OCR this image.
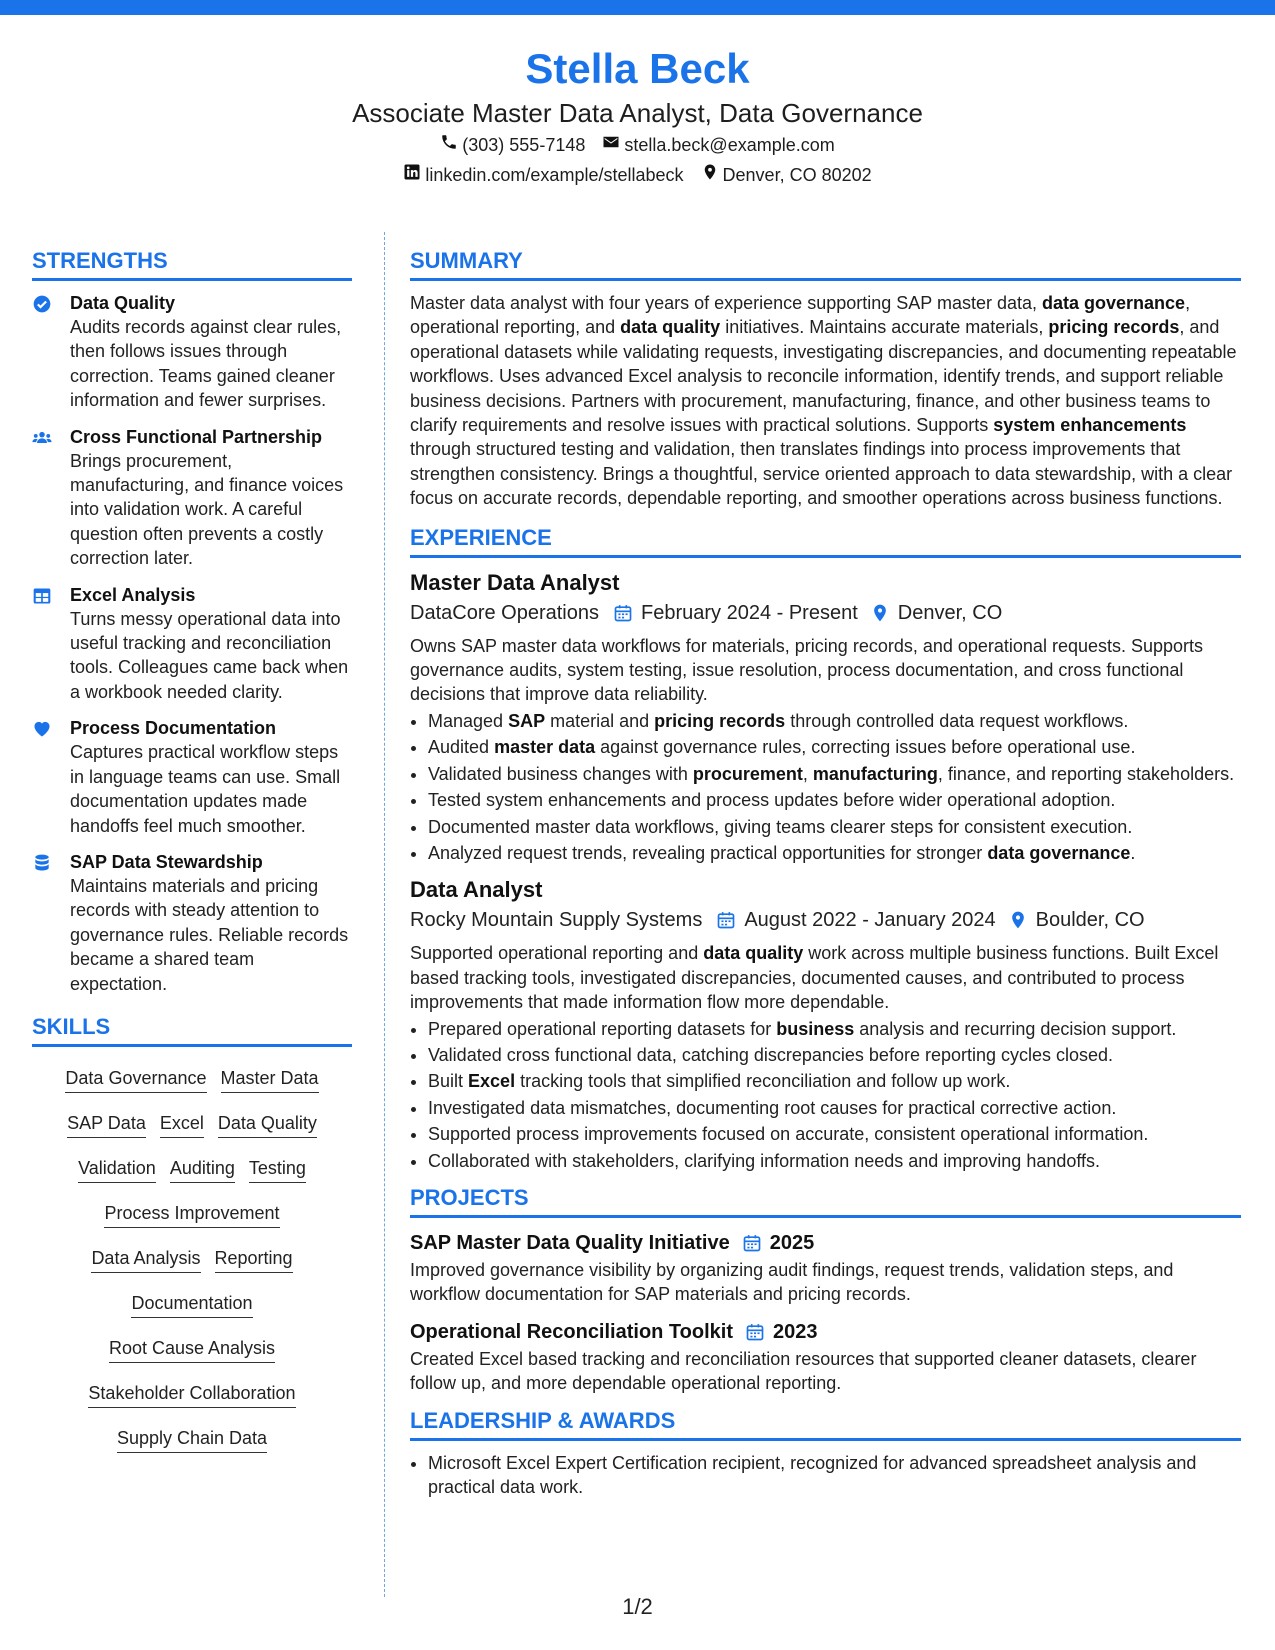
Stella Beck
Associate Master Data Analyst, Data Governance
(303) 555-7148
stella.beck@example.com
linkedin.com/example/stellabeck
Denver, CO 80202
STRENGTHS
Data Quality
Audits records against clear rules, then follows issues through correction. Teams gained cleaner information and fewer surprises.
Cross Functional Partnership
Brings procurement, manufacturing, and finance voices into validation work. A careful question often prevents a costly correction later.
Excel Analysis
Turns messy operational data into useful tracking and reconciliation tools. Colleagues came back when a workbook needed clarity.
Process Documentation
Captures practical workflow steps in language teams can use. Small documentation updates made handoffs feel much smoother.
SAP Data Stewardship
Maintains materials and pricing records with steady attention to governance rules. Reliable records became a shared team expectation.
SKILLS
Data Governance Master Data
SAP Data Excel Data Quality
Validation Auditing Testing
Process Improvement
Data Analysis Reporting
Documentation
Root Cause Analysis
Stakeholder Collaboration
Supply Chain Data
SUMMARY

Master data analyst with four years of experience supporting SAP master data, data governance, operational reporting, and data quality initiatives. Maintains accurate materials, pricing records, and operational datasets while validating requests, investigating discrepancies, and documenting repeatable workflows. Uses advanced Excel analysis to reconcile information, identify trends, and support reliable business decisions. Partners with procurement, manufacturing, finance, and other business teams to clarify requirements and resolve issues with practical solutions. Supports system enhancements through structured testing and validation, then translates findings into process improvements that strengthen consistency. Brings a thoughtful, service oriented approach to data stewardship, with a clear focus on accurate records, dependable reporting, and smoother operations across business functions.

EXPERIENCE
Master Data Analyst
DataCore Operations February 2024 - Present Denver, CO

Owns SAP master data workflows for materials, pricing records, and operational requests. Supports governance audits, system testing, issue resolution, process documentation, and cross functional decisions that improve data reliability.

• Managed SAP material and pricing records through controlled data request workflows.
• Audited master data against governance rules, correcting issues before operational use.
• Validated business changes with procurement, manufacturing, finance, and reporting stakeholders.
• Tested system enhancements and process updates before wider operational adoption.
• Documented master data workflows, giving teams clearer steps for consistent execution.
• Analyzed request trends, revealing practical opportunities for stronger data governance.
Data Analyst
Rocky Mountain Supply Systems August 2022 - January 2024 Boulder, CO

Supported operational reporting and data quality work across multiple business functions. Built Excel based tracking tools, investigated discrepancies, documented causes, and contributed to process improvements that made information flow more dependable.

• Prepared operational reporting datasets for business analysis and recurring decision support.
• Validated cross functional data, catching discrepancies before reporting cycles closed.
• Built Excel tracking tools that simplified reconciliation and follow up work.
• Investigated data mismatches, documenting root causes for practical corrective action.
• Supported process improvements focused on accurate, consistent operational information.
• Collaborated with stakeholders, clarifying information needs and improving handoffs.
PROJECTS
SAP Master Data Quality Initiative 2025

Improved governance visibility by organizing audit findings, request trends, validation steps, and workflow documentation for SAP materials and pricing records.

Operational Reconciliation Toolkit 2023

Created Excel based tracking and reconciliation resources that supported cleaner datasets, clearer follow up, and more dependable operational reporting.

LEADERSHIP & AWARDS
• Microsoft Excel Expert Certification recipient, recognized for advanced spreadsheet analysis and practical data work.
1/2
